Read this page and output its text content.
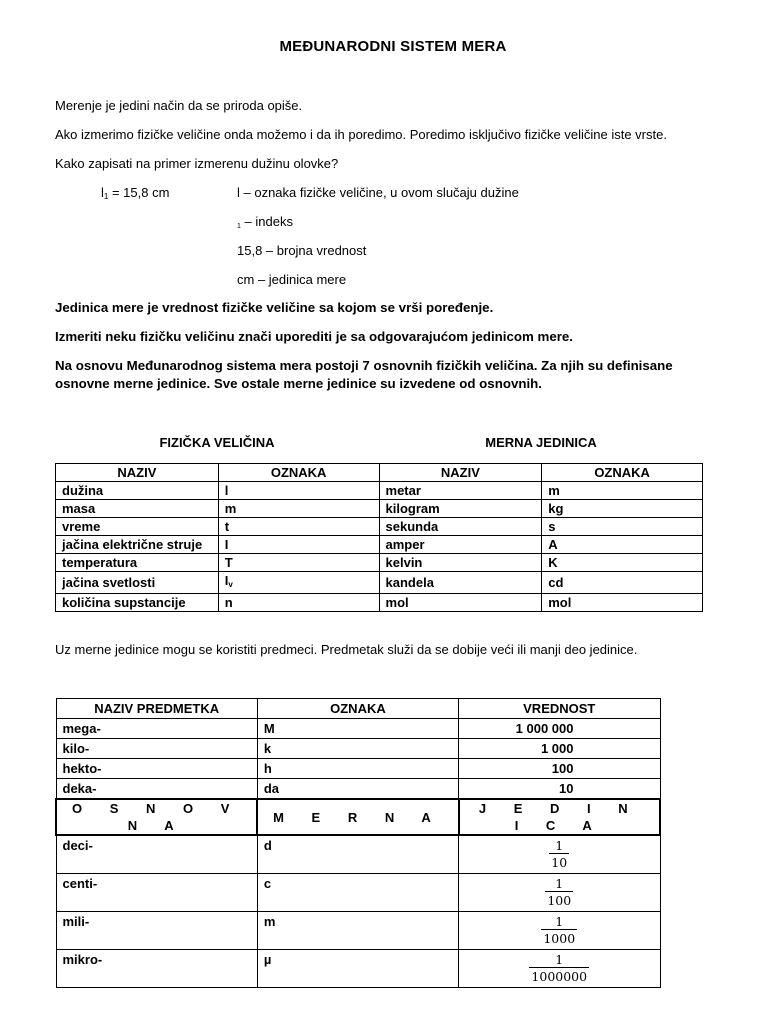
MEĐUNARODNI SISTEM MERA
Merenje je jedini način da se priroda opiše.
Ako izmerimo fizičke veličine onda možemo i da ih poredimo. Poredimo isključivo fizičke veličine iste vrste.
Kako zapisati na primer izmerenu dužinu olovke?
$l_1 = 15,8$ cm	l – oznaka fizičke veličine, u ovom slučaju dužine
1 – indeks
15,8 – brojna vrednost
cm – jedinica mere
Jedinica mere je vrednost fizičke veličine sa kojom se vrši poređenje.
Izmeriti neku fizičku veličinu znači uporediti je sa odgovarajućom jedinicom mere.
Na osnovu Međunarodnog sistema mera postoji 7 osnovnih fizičkih veličina. Za njih su definisane
osnovne merne jedinice. Sve ostale merne jedinice su izvedene od osnovnih.
FIZIČKA VELIČINA	MERNA JEDINICA
NAZIV	OZNAKA	NAZIV	OZNAKA
dužina	l	metar	m
masa	m	kilogram	kg
vreme	t	sekunda	s
jačina električne struje	I	amper	A
temperatura	T	kelvin	K
jačina svetlosti	$I_v$	kandela	cd
količina supstancije	n	mol	mol
Uz merne jedinice mogu se koristiti predmeci. Predmetak služi da se dobije veći ili manji deo jedinice.
NAZIV PREDMETKA	OZNAKA	VREDNOST
mega-	M	1 000 000
kilo-	k	1 000
hekto-	h	100
deka-	da	10
O S N O V N A	M E R N A	J E D I N I C A
deci-	d	$\frac{1}{10}$

centi-	c	$\frac{1}{100}$

mili-	m	$\frac{1}{1000}$

mikro-	µ	$\frac{1}{1000000}$
